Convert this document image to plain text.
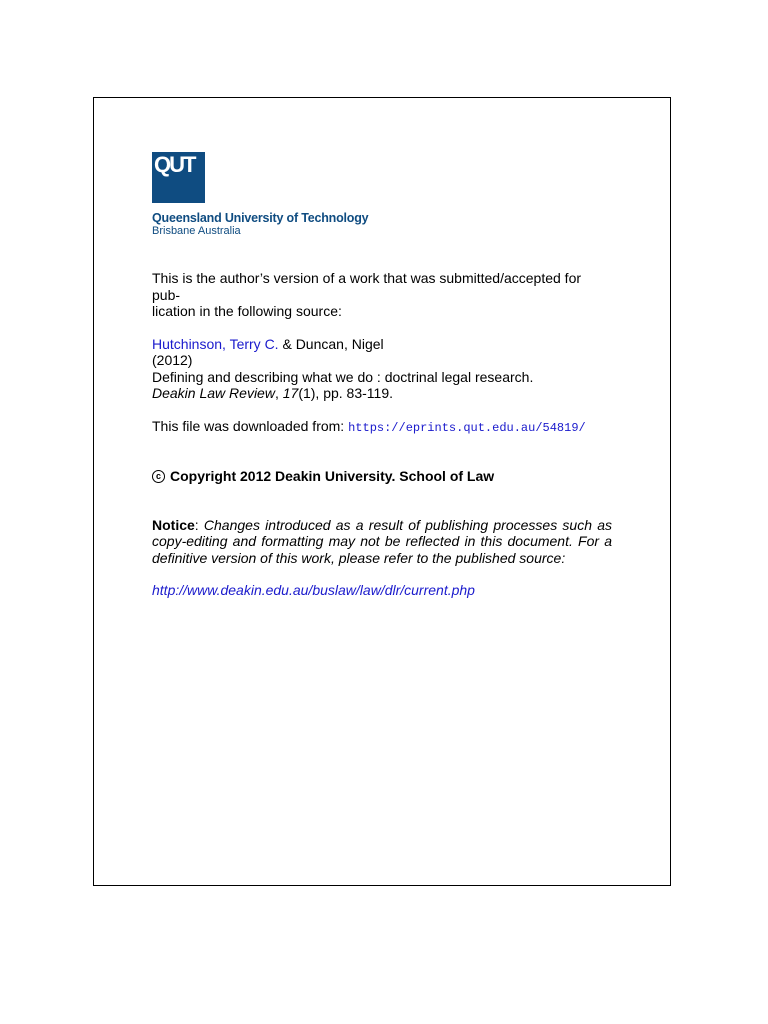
QUT
Queensland University of Technology
Brisbane Australia

This is the author’s version of a work that was submitted/accepted for pub-

lication in the following source:

Hutchinson, Terry C. & Duncan, Nigel

(2012)

Defining and describing what we do : doctrinal legal research.

Deakin Law Review, 17(1), pp. 83-119.

This file was downloaded from: https://eprints.qut.edu.au/54819/

c Copyright 2012 Deakin University. School of Law

Notice: Changes introduced as a result of publishing processes such as copy-editing and formatting may not be reflected in this document. For a definitive version of this work, please refer to the published source:

http://www.deakin.edu.au/buslaw/law/dlr/current.php
